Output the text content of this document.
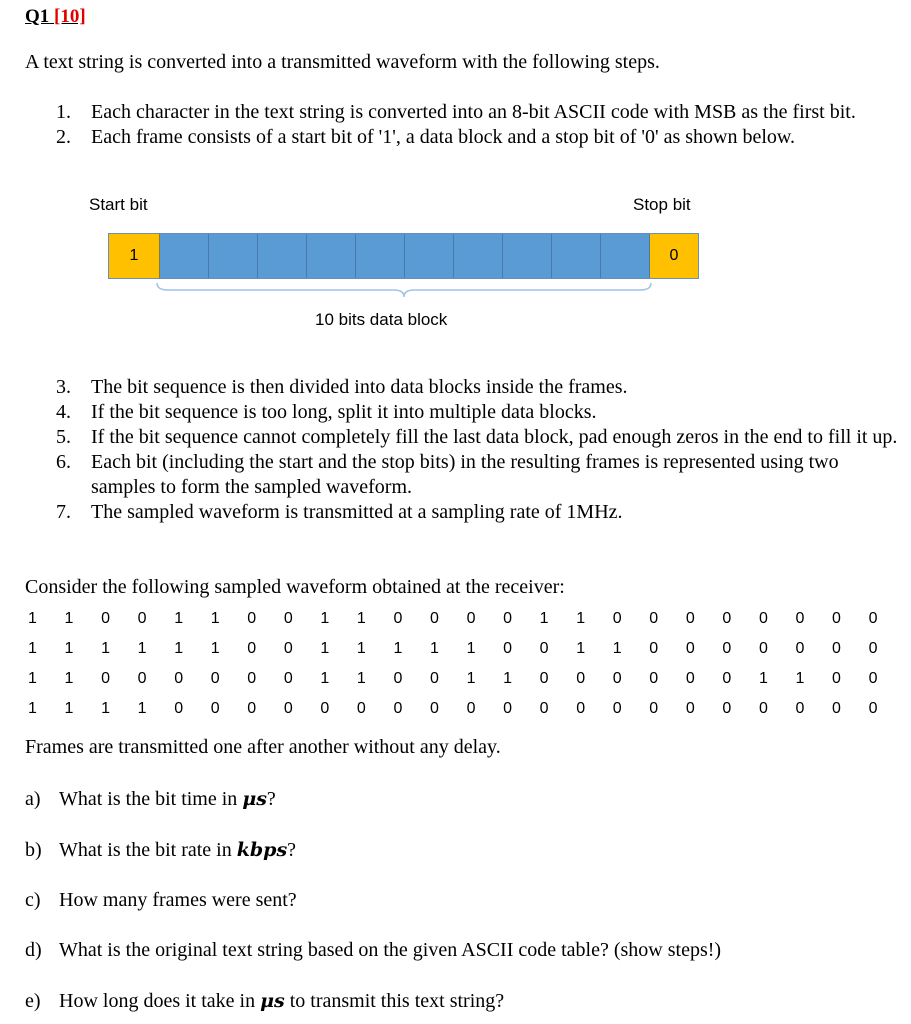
Q1 [10]
A text string is converted into a transmitted waveform with the following steps.
1.	Each character in the text string is converted into an 8-bit ASCII code with MSB as the first bit.
2.	Each frame consists of a start bit of '1', a data block and a stop bit of '0' as shown below.
Start bit	Stop bit
1	0
10 bits data block
3.	The bit sequence is then divided into data blocks inside the frames.
4.	If the bit sequence is too long, split it into multiple data blocks.
5.	If the bit sequence cannot completely fill the last data block, pad enough zeros in the end to fill it up.
6.	Each bit (including the start and the stop bits) in the resulting frames is represented using two samples to form the sampled waveform.
7.	The sampled waveform is transmitted at a sampling rate of 1MHz.
Consider the following sampled waveform obtained at the receiver:
1	1	0	0	1	1	0	0	1	1	0	0	0	0	1	1	0	0	0	0	0	0	0	0
1	1	1	1	1	1	0	0	1	1	1	1	1	0	0	1	1	0	0	0	0	0	0	0
1	1	0	0	0	0	0	0	1	1	0	0	1	1	0	0	0	0	0	0	1	1	0	0
1	1	1	1	0	0	0	0	0	0	0	0	0	0	0	0	0	0	0	0	0	0	0	0
Frames are transmitted one after another without any delay.
a) What is the bit time in μs?
b) What is the bit rate in kbps?
c) How many frames were sent?
d) What is the original text string based on the given ASCII code table? (show steps!)
e) How long does it take in μs to transmit this text string?
